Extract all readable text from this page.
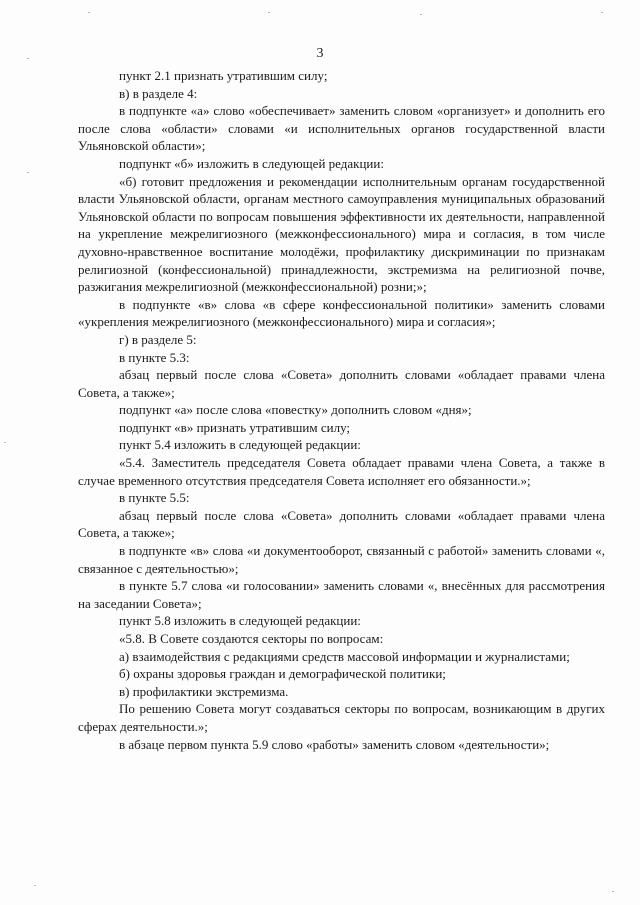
3

пункт 2.1 признать утратившим силу;

в) в разделе 4:

в подпункте «а» слово «обеспечивает» заменить словом «организует» и дополнить его после слова «области» словами «и исполнительных органов государственной власти Ульяновской области»;

подпункт «б» изложить в следующей редакции:

«б) готовит предложения и рекомендации исполнительным органам государственной власти Ульяновской области, органам местного самоуправления муниципальных образований Ульяновской области по вопросам повышения эффективности их деятельности, направленной на укрепление межрелигиозного (межконфессионального) мира и согласия, в том числе духовно-нравственное воспитание молодёжи, профилактику дискриминации по признакам религиозной (конфессиональной) принадлежности, экстремизма на религиозной почве, разжигания межрелигиозной (межконфессиональной) розни;»;

в подпункте «в» слова «в сфере конфессиональной политики» заменить словами «укрепления межрелигиозного (межконфессионального) мира и согласия»;

г) в разделе 5:

в пункте 5.3:

абзац первый после слова «Совета» дополнить словами «обладает правами члена Совета, а также»;

подпункт «а» после слова «повестку» дополнить словом «дня»;

подпункт «в» признать утратившим силу;

пункт 5.4 изложить в следующей редакции:

«5.4. Заместитель председателя Совета обладает правами члена Совета, а также в случае временного отсутствия председателя Совета исполняет его обязанности.»;

в пункте 5.5:

абзац первый после слова «Совета» дополнить словами «обладает правами члена Совета, а также»;

в подпункте «в» слова «и документооборот, связанный с работой» заменить словами «, связанное с деятельностью»;

в пункте 5.7 слова «и голосовании» заменить словами «, внесённых для рассмотрения на заседании Совета»;

пункт 5.8 изложить в следующей редакции:

«5.8. В Совете создаются секторы по вопросам:

а) взаимодействия с редакциями средств массовой информации и журналистами;

б) охраны здоровья граждан и демографической политики;

в) профилактики экстремизма.

По решению Совета могут создаваться секторы по вопросам, возникающим в других сферах деятельности.»;

в абзаце первом пункта 5.9 слово «работы» заменить словом «деятельности»;
